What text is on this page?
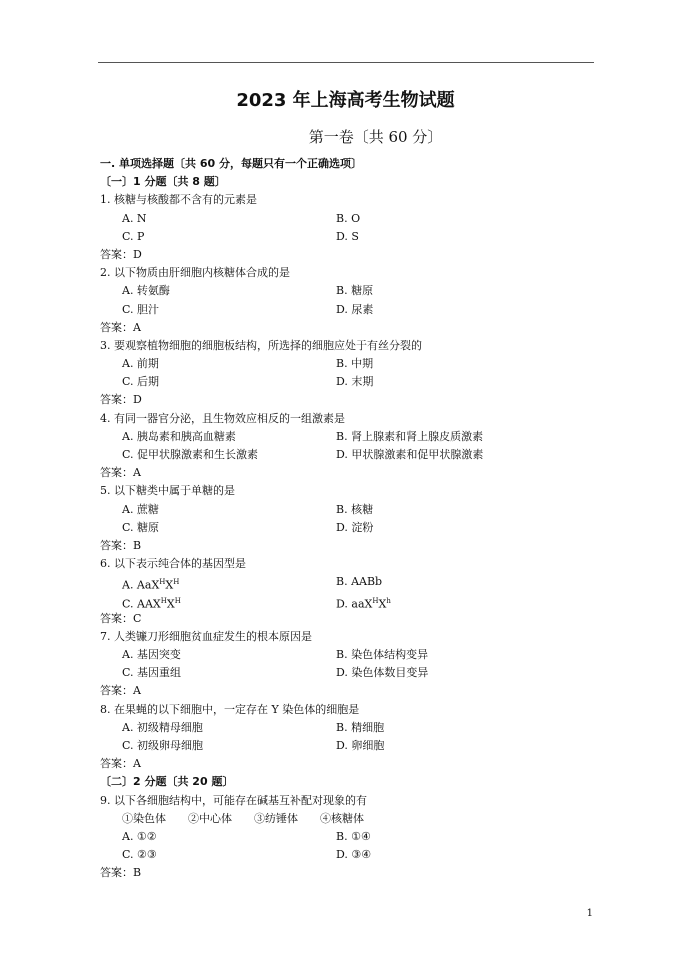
2023 年上海高考生物试题
第一卷〔共 60 分〕
一. 单项选择题〔共 60 分，每题只有一个正确选项〕
〔一〕1 分题〔共 8 题〕
1. 核糖与核酸都不含有的元素是
A. N	B. O
C. P	D. S
答案：D
2. 以下物质由肝细胞内核糖体合成的是
A. 转氨酶	B. 糖原
C. 胆汁	D. 尿素
答案：A
3. 要观察植物细胞的细胞板结构，所选择的细胞应处于有丝分裂的
A. 前期	B. 中期
C. 后期	D. 末期
答案：D
4. 有同一器官分泌，且生物效应相反的一组激素是
A. 胰岛素和胰高血糖素	B. 肾上腺素和肾上腺皮质激素
C. 促甲状腺激素和生长激素	D. 甲状腺激素和促甲状腺激素
答案：A
5. 以下糖类中属于单糖的是
A. 蔗糖	B. 核糖
C. 糖原	D. 淀粉
答案：B
6. 以下表示纯合体的基因型是
A. $AaX^HX^H$	B. AABb
C. $AAX^HX^H$	D. $aaX^HX^h$
答案：C
7. 人类镰刀形细胞贫血症发生的根本原因是
A. 基因突变	B. 染色体结构变异
C. 基因重组	D. 染色体数目变异
答案：A
8. 在果蝇的以下细胞中，一定存在 Y 染色体的细胞是
A. 初级精母细胞	B. 精细胞
C. 初级卵母细胞	D. 卵细胞
答案：A
〔二〕2 分题〔共 20 题〕
9. 以下各细胞结构中，可能存在碱基互补配对现象的有
①染色体　　②中心体　　③纺锤体　　④核糖体
A. ①②	B. ①④
C. ②③	D. ③④
答案：B
1
